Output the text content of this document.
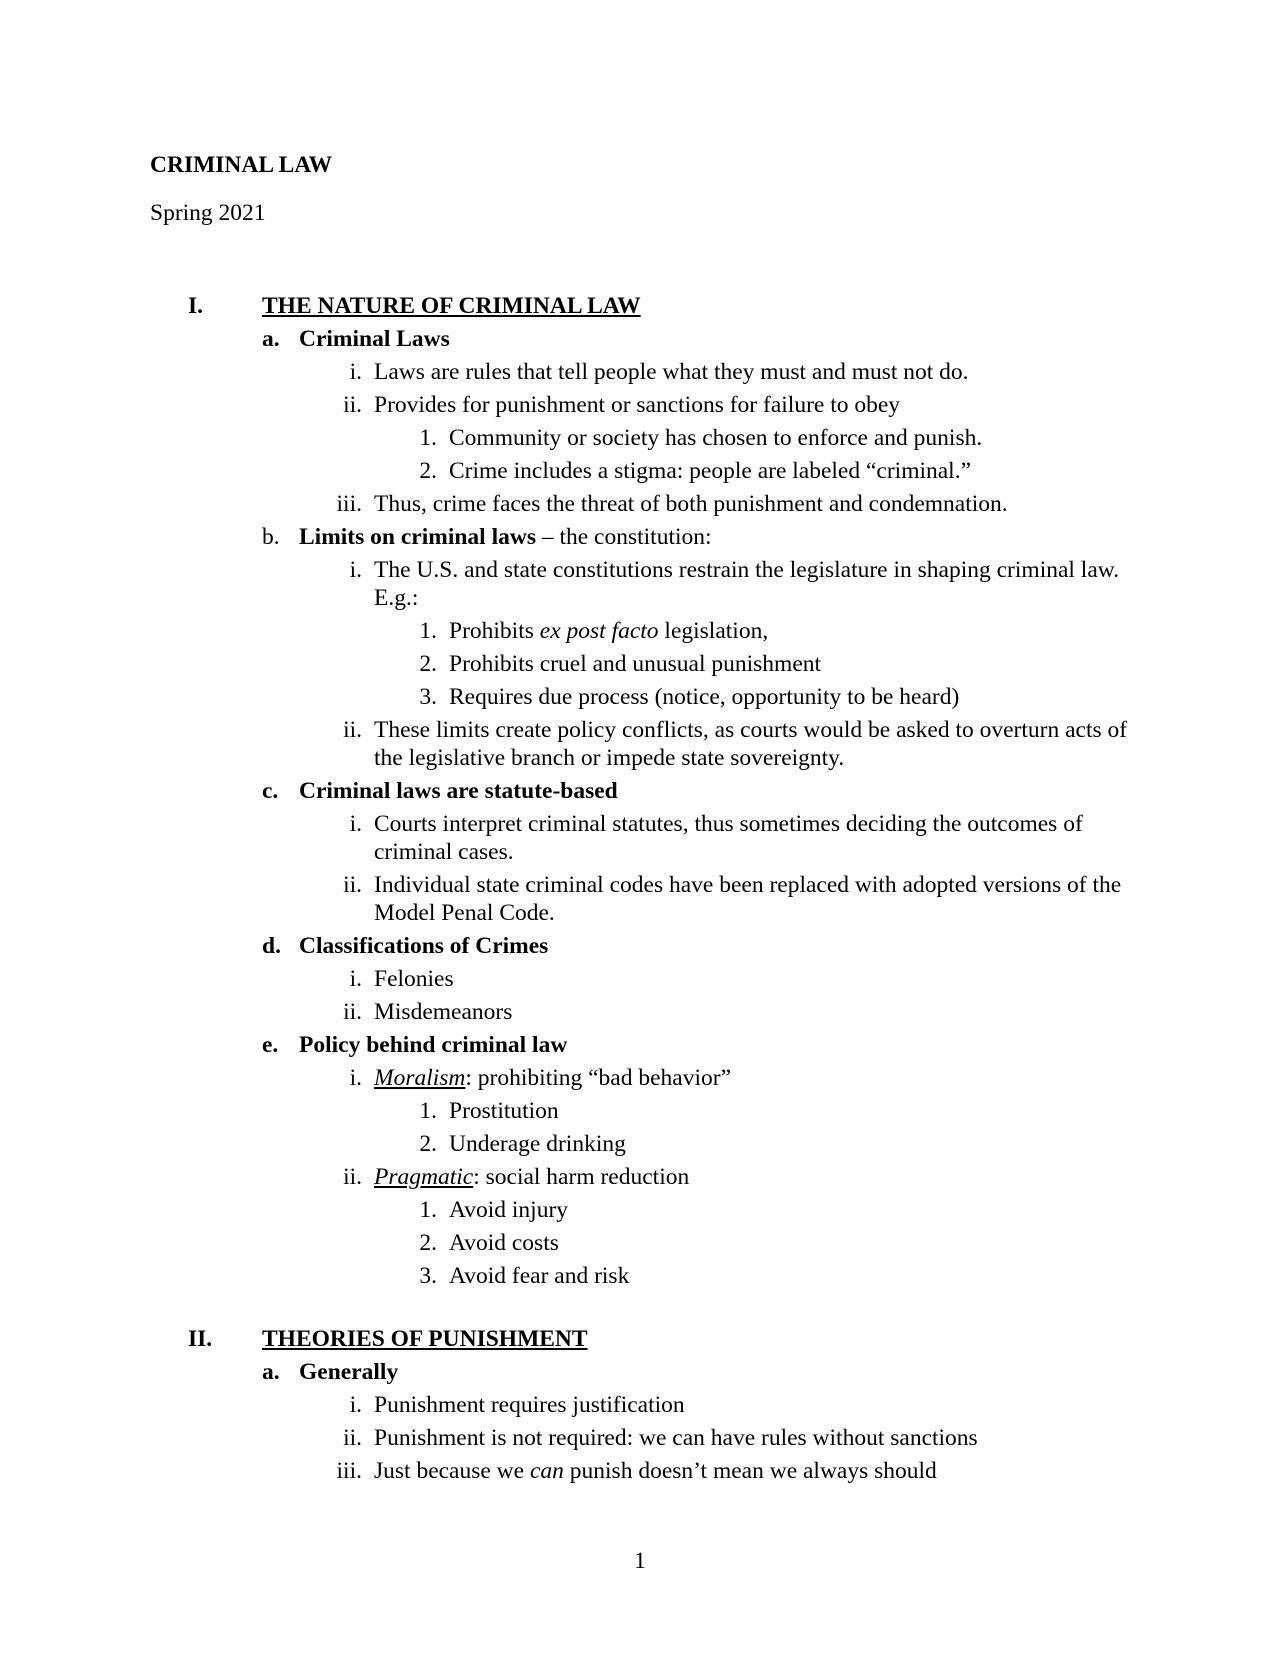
CRIMINAL LAW
Spring 2021
I.	THE NATURE OF CRIMINAL LAW
a. Criminal Laws
i. Laws are rules that tell people what they must and must not do.
ii. Provides for punishment or sanctions for failure to obey
1. Community or society has chosen to enforce and punish.
2. Crime includes a stigma: people are labeled “criminal.”
iii. Thus, crime faces the threat of both punishment and condemnation.
b. Limits on criminal laws – the constitution:
i. The U.S. and state constitutions restrain the legislature in shaping criminal law. E.g.:
1. Prohibits ex post facto legislation,
2. Prohibits cruel and unusual punishment
3. Requires due process (notice, opportunity to be heard)
ii. These limits create policy conflicts, as courts would be asked to overturn acts of the legislative branch or impede state sovereignty.
c. Criminal laws are statute-based
i. Courts interpret criminal statutes, thus sometimes deciding the outcomes of criminal cases.
ii. Individual state criminal codes have been replaced with adopted versions of the Model Penal Code.
d. Classifications of Crimes
i. Felonies
ii. Misdemeanors
e. Policy behind criminal law
i. Moralism: prohibiting “bad behavior”
1. Prostitution
2. Underage drinking
ii. Pragmatic: social harm reduction
1. Avoid injury
2. Avoid costs
3. Avoid fear and risk
II.	THEORIES OF PUNISHMENT
a. Generally
i. Punishment requires justification
ii. Punishment is not required: we can have rules without sanctions
iii. Just because we can punish doesn’t mean we always should
1
